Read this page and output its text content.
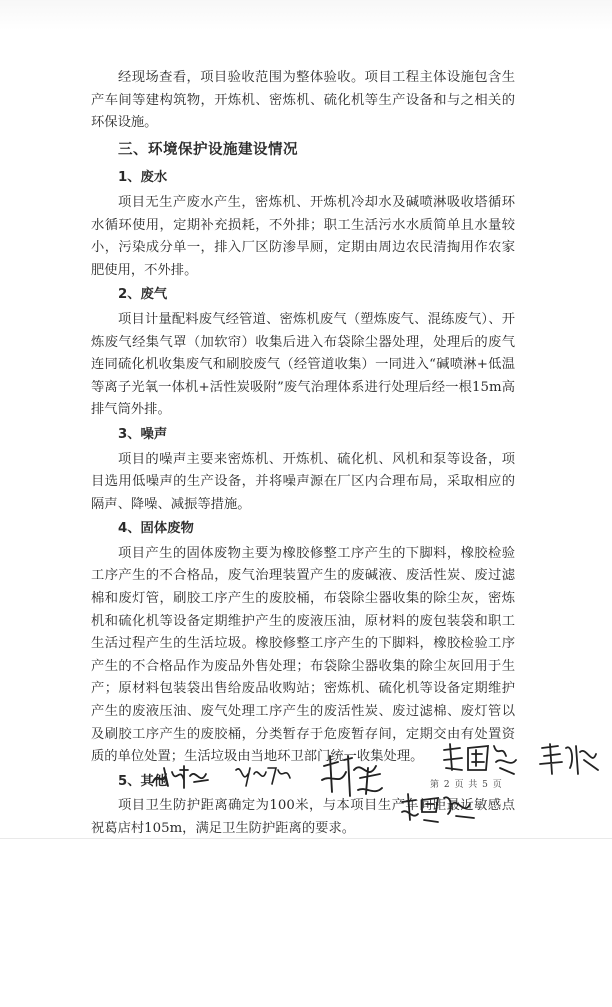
经现场查看，项目验收范围为整体验收。项目工程主体设施包含生产车间等建构筑物，开炼机、密炼机、硫化机等生产设备和与之相关的环保设施。

三、环境保护设施建设情况
1、废水

项目无生产废水产生，密炼机、开炼机冷却水及碱喷淋吸收塔循环水循环使用，定期补充损耗，不外排；职工生活污水水质简单且水量较小，污染成分单一，排入厂区防渗旱厕，定期由周边农民清掏用作农家肥使用，不外排。

2、废气

项目计量配料废气经管道、密炼机废气（塑炼废气、混练废气）、开炼废气经集气罩（加软帘）收集后进入布袋除尘器处理，处理后的废气连同硫化机收集废气和刷胶废气（经管道收集）一同进入“碱喷淋+低温等离子光氧一体机+活性炭吸附”废气治理体系进行处理后经一根15m高排气筒外排。

3、噪声

项目的噪声主要来密炼机、开炼机、硫化机、风机和泵等设备，项目选用低噪声的生产设备，并将噪声源在厂区内合理布局，采取相应的隔声、降噪、减振等措施。

4、固体废物

项目产生的固体废物主要为橡胶修整工序产生的下脚料，橡胶检验工序产生的不合格品，废气治理装置产生的废碱液、废活性炭、废过滤棉和废灯管，刷胶工序产生的废胶桶，布袋除尘器收集的除尘灰，密炼机和硫化机等设备定期维护产生的废液压油，原材料的废包装袋和职工生活过程产生的生活垃圾。橡胶修整工序产生的下脚料，橡胶检验工序产生的不合格品作为废品外售处理；布袋除尘器收集的除尘灰回用于生产；原材料包装袋出售给废品收购站；密炼机、硫化机等设备定期维护产生的废液压油、废气处理工序产生的废活性炭、废过滤棉、废灯管以及刷胶工序产生的废胶桶，分类暂存于危废暂存间，定期交由有处置资质的单位处置；生活垃圾由当地环卫部门统一收集处理。

5、其他

项目卫生防护距离确定为100米，与本项目生产车间距最近敏感点祝葛店村105m，满足卫生防护距离的要求。

第 2 页 共 5 页
